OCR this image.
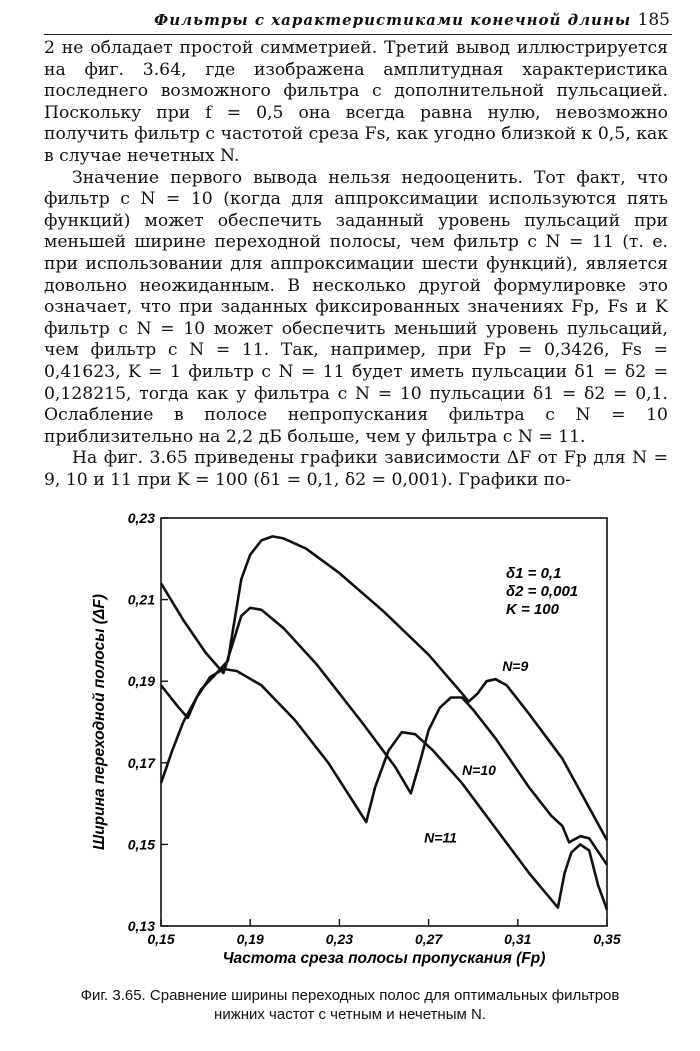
Фильтры с характеристиками конечной длины 185

2 не обладает простой симметрией. Третий вывод иллюстрируется на фиг. 3.64, где изображена амплитудная характеристика последнего возможного фильтра с дополнительной пульсацией. Поскольку при f = 0,5 она всегда равна нулю, невозможно получить фильтр с частотой среза Fs, как угодно близкой к 0,5, как в случае нечетных N.

Значение первого вывода нельзя недооценить. Тот факт, что фильтр с N = 10 (когда для аппроксимации используются пять функций) может обеспечить заданный уровень пульсаций при меньшей ширине переходной полосы, чем фильтр с N = 11 (т. е. при использовании для аппроксимации шести функций), является довольно неожиданным. В несколько другой формулировке это означает, что при заданных фиксированных значениях Fp, Fs и K фильтр с N = 10 может обеспечить меньший уровень пульсаций, чем фильтр с N = 11. Так, например, при Fp = 0,3426, Fs = 0,41623, K = 1 фильтр с N = 11 будет иметь пульсации δ1 = δ2 = 0,128215, тогда как у фильтра с N = 10 пульсации δ1 = δ2 = 0,1. Ослабление в полосе непропускания фильтра с N = 10 приблизительно на 2,2 дБ больше, чем у фильтра с N = 11.

На фиг. 3.65 приведены графики зависимости ΔF от Fp для N = 9, 10 и 11 при K = 100 (δ1 = 0,1, δ2 = 0,001). Графики по-

0,15	0,19	0,23	0,27	0,31	0,35
0,13
0,15
0,17
0,19
0,21
0,23
N=9
N=10
N=11
δ1 = 0,1
δ2 = 0,001
K = 100
Частота среза полосы пропускания (Fp)
Ширина переходной полосы (ΔF)
Фиг. 3.65. Сравнение ширины переходных полос для оптимальных фильтров
нижних частот с четным и нечетным N.
